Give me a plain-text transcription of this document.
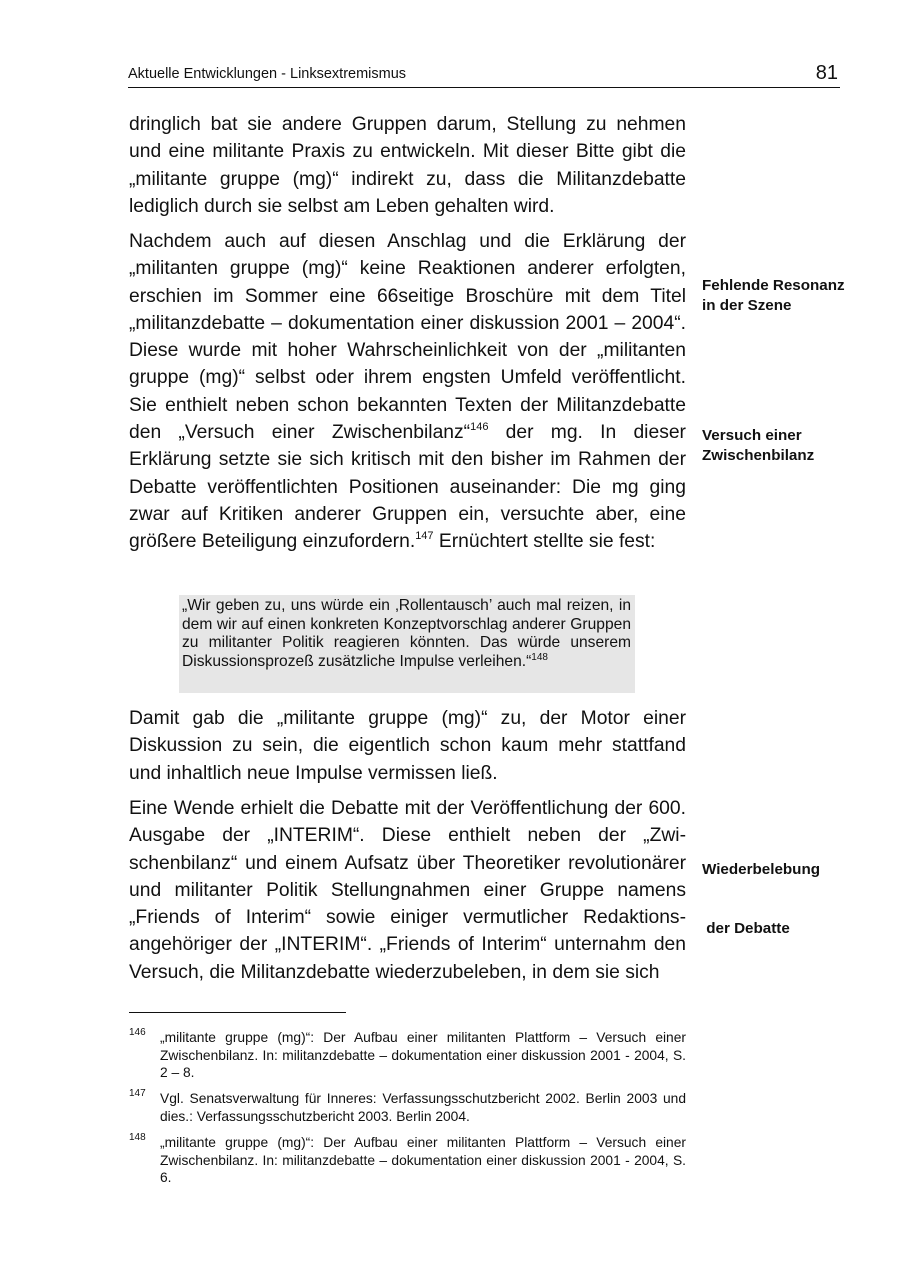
Aktuelle Entwicklungen - Linksextremismus	81

dringlich bat sie andere Gruppen darum, Stellung zu nehmen und eine militante Praxis zu entwickeln. Mit dieser Bitte gibt die „militante gruppe (mg)“ indirekt zu, dass die Militanzdebatte lediglich durch sie selbst am Leben gehalten wird.

Nachdem auch auf diesen Anschlag und die Erklärung der „militanten gruppe (mg)“ keine Reaktionen anderer erfolgten, erschien im Sommer eine 66seitige Broschüre mit dem Titel „militanzdebatte – dokumentation einer diskussion 2001 – 2004“. Diese wurde mit hoher Wahrscheinlichkeit von der „militanten gruppe (mg)“ selbst oder ihrem engsten Umfeld veröffentlicht. Sie enthielt neben schon bekannten Texten der Militanzdebatte den „Versuch einer Zwischenbilanz“$^{146}$ der mg. In dieser Erklärung setzte sie sich kritisch mit den bisher im Rahmen der Debatte veröffentlichten Positionen auseinander: Die mg ging zwar auf Kritiken anderer Gruppen ein, versuchte aber, eine größere Beteiligung einzufordern.$^{147}$ Ernüchtert stellte sie fest:

„Wir geben zu, uns würde ein ‚Rollentausch’ auch mal reizen, in dem wir auf einen konkreten Konzeptvorschlag anderer Gruppen zu militanter Politik reagieren könnten. Das würde unserem Diskussionsprozeß zusätzliche Impulse verleihen.“$^{148}$

Damit gab die „militante gruppe (mg)“ zu, der Motor einer Diskussion zu sein, die eigentlich schon kaum mehr stattfand und inhaltlich neue Impulse vermissen ließ.

Eine Wende erhielt die Debatte mit der Veröffentlichung der 600. Ausgabe der „INTERIM“. Diese enthielt neben der „Zwischenbilanz“ und einem Aufsatz über Theoretiker revolutionärer und militanter Politik Stellungnahmen einer Gruppe namens „Friends of Interim“ sowie einiger vermutlicher Redaktionsangehöriger der „INTERIM“. „Friends of Interim“ unternahm den Versuch, die Militanzdebatte wiederzubeleben, in dem sie sich

Fehlende Resonanz
in der Szene

Versuch einer
Zwischenbilanz

Wiederbelebung

der Debatte

146 „militante gruppe (mg)“: Der Aufbau einer militanten Plattform – Versuch einer Zwischenbilanz. In: militanzdebatte – dokumentation einer diskussion 2001 - 2004, S. 2 – 8.
147 Vgl. Senatsverwaltung für Inneres: Verfassungsschutzbericht 2002. Berlin 2003 und dies.: Verfassungsschutzbericht 2003. Berlin 2004.
148 „militante gruppe (mg)“: Der Aufbau einer militanten Plattform – Versuch einer Zwischenbilanz. In: militanzdebatte – dokumentation einer diskussion 2001 - 2004, S. 6.
